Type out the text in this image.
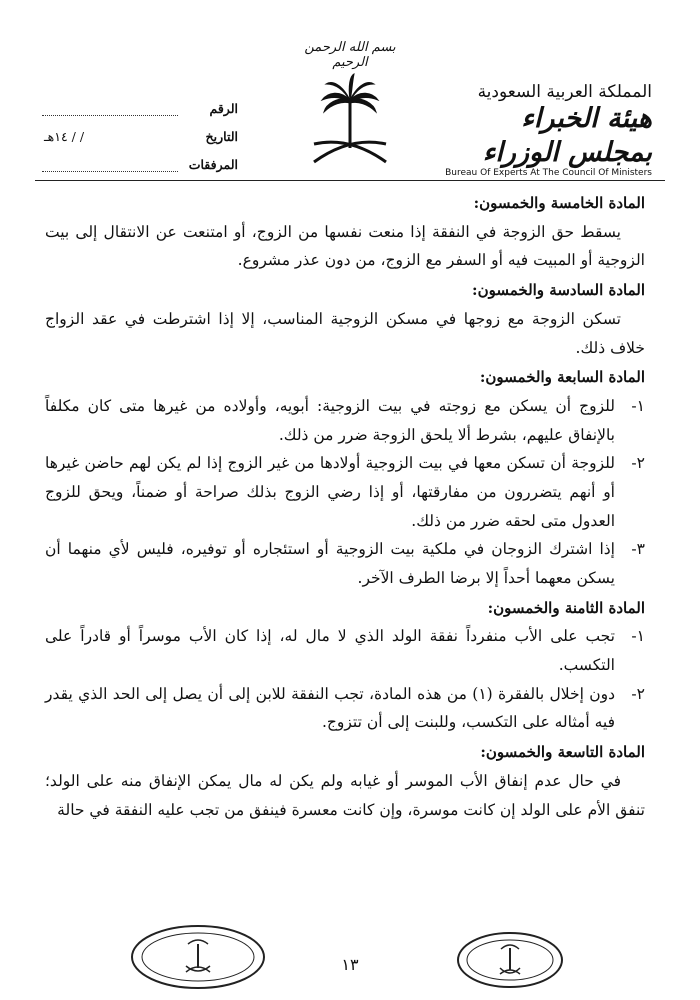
بسم الله الرحمن الرحيم
المملكة العربية السعودية
هيئة الخبراء بمجلس الوزراء
Bureau Of Experts At The Council Of Ministers
الرقم
التاريخ
/ / ١٤هـ
المرفقات
المادة الخامسة والخمسون:
يسقط حق الزوجة في النفقة إذا منعت نفسها من الزوج، أو امتنعت عن الانتقال إلى بيت الزوجية أو المبيت فيه أو السفر مع الزوج، من دون عذر مشروع.
المادة السادسة والخمسون:
تسكن الزوجة مع زوجها في مسكن الزوجية المناسب، إلا إذا اشترطت في عقد الزواج خلاف ذلك.
المادة السابعة والخمسون:
١-
للزوج أن يسكن مع زوجته في بيت الزوجية: أبويه، وأولاده من غيرها متى كان مكلفاً بالإنفاق عليهم، بشرط ألا يلحق الزوجة ضرر من ذلك.
٢-
للزوجة أن تسكن معها في بيت الزوجية أولادها من غير الزوج إذا لم يكن لهم حاضن غيرها أو أنهم يتضررون من مفارقتها، أو إذا رضي الزوج بذلك صراحة أو ضمناً، ويحق للزوج العدول متى لحقه ضرر من ذلك.
٣-
إذا اشترك الزوجان في ملكية بيت الزوجية أو استئجاره أو توفيره، فليس لأي منهما أن يسكن معهما أحداً إلا برضا الطرف الآخر.
المادة الثامنة والخمسون:
١-
تجب على الأب منفرداً نفقة الولد الذي لا مال له، إذا كان الأب موسراً أو قادراً على التكسب.
٢-
دون إخلال بالفقرة (١) من هذه المادة، تجب النفقة للابن إلى أن يصل إلى الحد الذي يقدر فيه أمثاله على التكسب، وللبنت إلى أن تتزوج.
المادة التاسعة والخمسون:
في حال عدم إنفاق الأب الموسر أو غيابه ولم يكن له مال يمكن الإنفاق منه على الولد؛ تنفق الأم على الولد إن كانت موسرة، وإن كانت معسرة فينفق من تجب عليه النفقة في حالة
١٣
